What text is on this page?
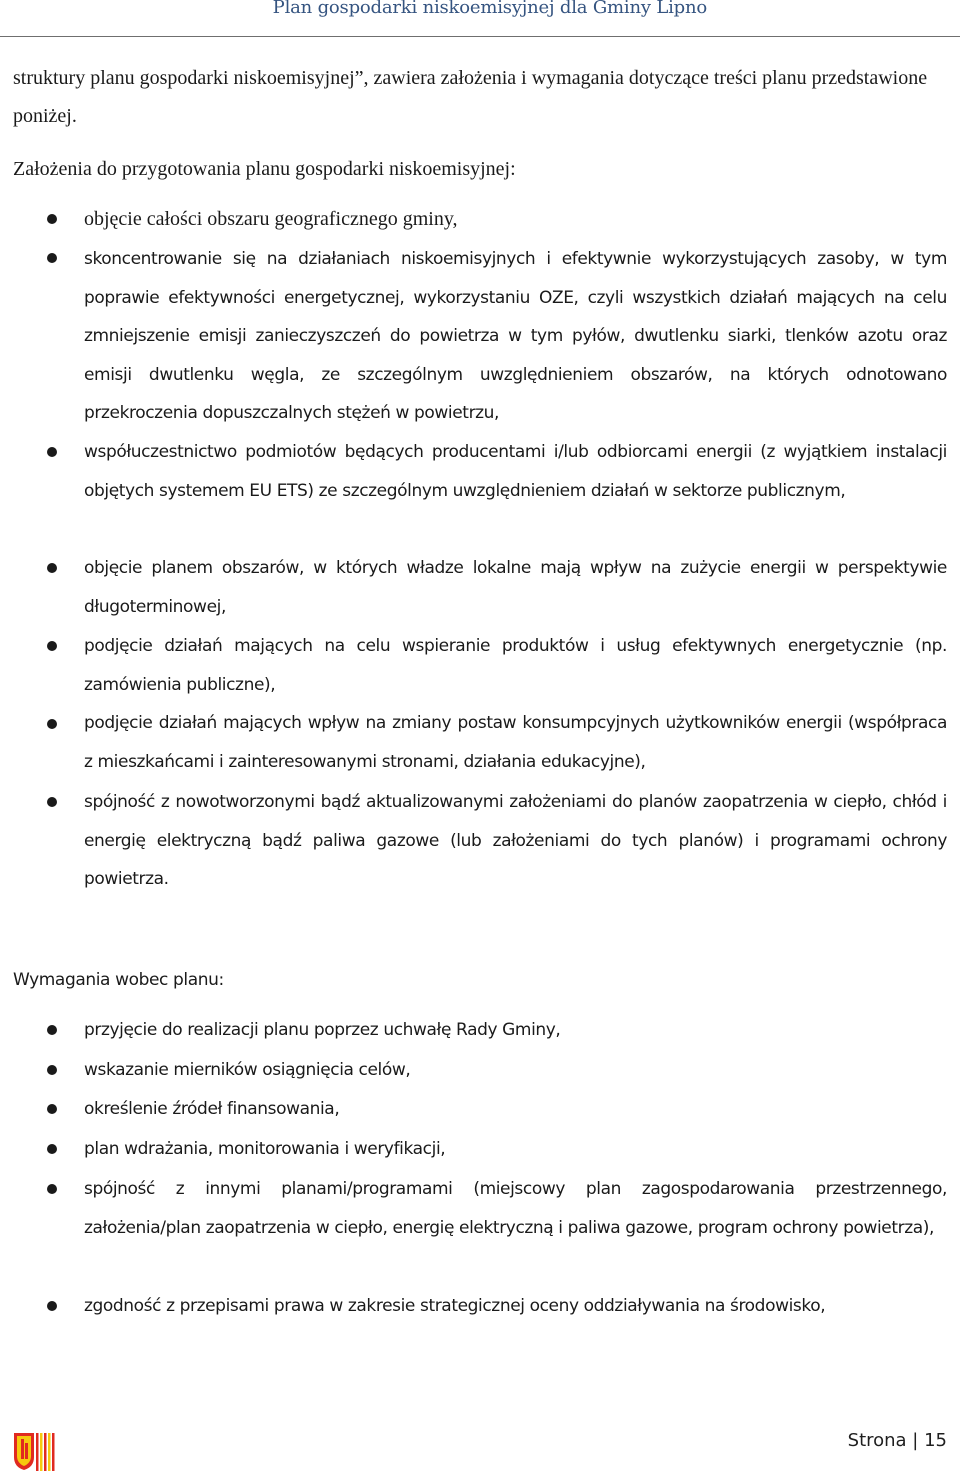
Plan gospodarki niskoemisyjnej dla Gminy Lipno

struktury planu gospodarki niskoemisyjnej”, zawiera założenia i wymagania dotyczące treści planu przedstawione poniżej.

Założenia do przygotowania planu gospodarki niskoemisyjnej:

objęcie całości obszaru geograficznego gminy,

skoncentrowanie się na działaniach niskoemisyjnych i efektywnie wykorzystujących zasoby, w tym poprawie efektywności energetycznej, wykorzystaniu OZE, czyli wszystkich działań mających na celu zmniejszenie emisji zanieczyszczeń do powietrza w tym pyłów, dwutlenku siarki, tlenków azotu oraz emisji dwutlenku węgla, ze szczególnym uwzględnieniem obszarów, na których odnotowano przekroczenia dopuszczalnych stężeń w powietrzu,

współuczestnictwo podmiotów będących producentami i/lub odbiorcami energii (z wyjątkiem instalacji objętych systemem EU ETS) ze szczególnym uwzględnieniem działań w sektorze publicznym,

objęcie planem obszarów, w których władze lokalne mają wpływ na zużycie energii w perspektywie długoterminowej,

podjęcie działań mających na celu wspieranie produktów i usług efektywnych energetycznie (np. zamówienia publiczne),

podjęcie działań mających wpływ na zmiany postaw konsumpcyjnych użytkowników energii (współpraca z mieszkańcami i zainteresowanymi stronami, działania edukacyjne),

spójność z nowotworzonymi bądź aktualizowanymi założeniami do planów zaopatrzenia w ciepło, chłód i energię elektryczną bądź paliwa gazowe (lub założeniami do tych planów) i programami ochrony powietrza.

Wymagania wobec planu:

przyjęcie do realizacji planu poprzez uchwałę Rady Gminy,

wskazanie mierników osiągnięcia celów,

określenie źródeł finansowania,

plan wdrażania, monitorowania i weryfikacji,

spójność z innymi planami/programami (miejscowy plan zagospodarowania przestrzennego, założenia/plan zaopatrzenia w ciepło, energię elektryczną i paliwa gazowe, program ochrony powietrza),

zgodność z przepisami prawa w zakresie strategicznej oceny oddziaływania na środowisko,

Strona | 15
